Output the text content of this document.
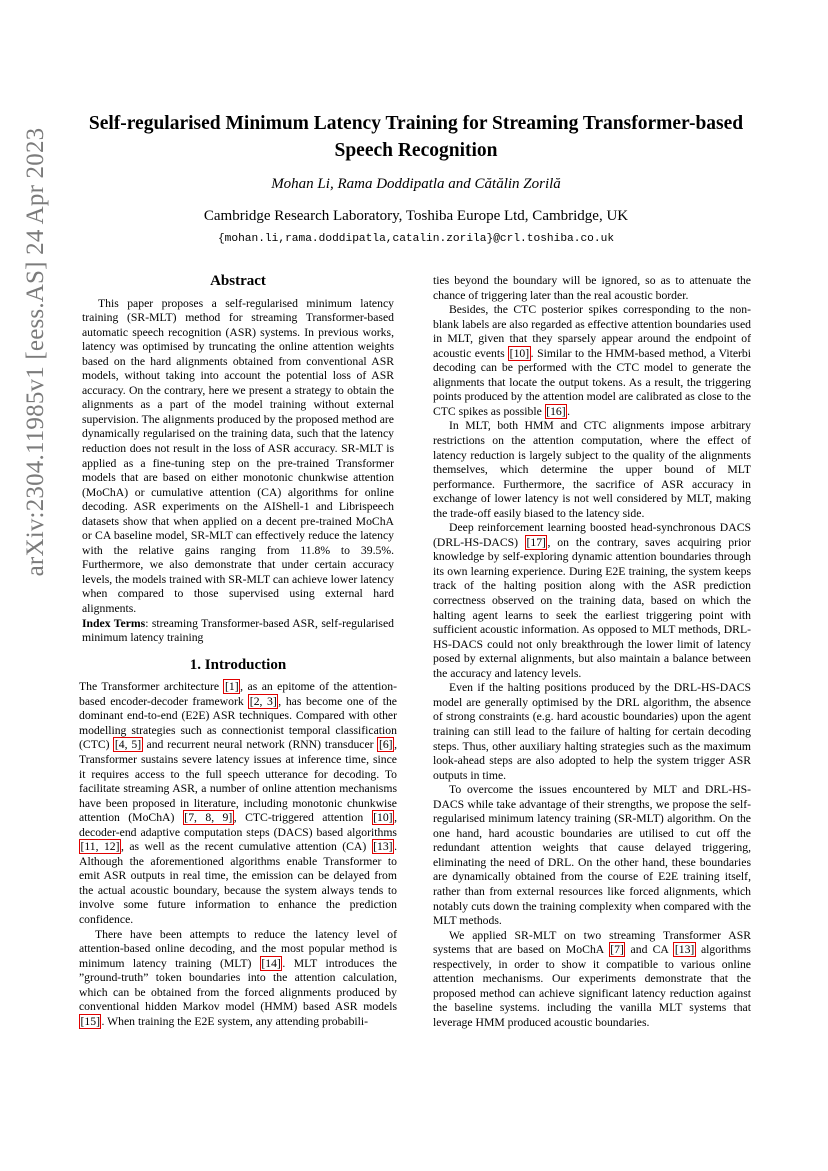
arXiv:2304.11985v1 [eess.AS] 24 Apr 2023
Self-regularised Minimum Latency Training for Streaming Transformer-based Speech Recognition
Mohan Li, Rama Doddipatla and Cătălin Zorilă
Cambridge Research Laboratory, Toshiba Europe Ltd, Cambridge, UK
{mohan.li,rama.doddipatla,catalin.zorila}@crl.toshiba.co.uk
Abstract

This paper proposes a self-regularised minimum latency training (SR-MLT) method for streaming Transformer-based automatic speech recognition (ASR) systems. In previous works, latency was optimised by truncating the online attention weights based on the hard alignments obtained from conventional ASR models, without taking into account the potential loss of ASR accuracy. On the contrary, here we present a strategy to obtain the alignments as a part of the model training without external supervision. The alignments produced by the proposed method are dynamically regularised on the training data, such that the latency reduction does not result in the loss of ASR accuracy. SR-MLT is applied as a fine-tuning step on the pre-trained Transformer models that are based on either monotonic chunkwise attention (MoChA) or cumulative attention (CA) algorithms for online decoding. ASR experiments on the AIShell-1 and Librispeech datasets show that when applied on a decent pre-trained MoChA or CA baseline model, SR-MLT can effectively reduce the latency with the relative gains ranging from 11.8% to 39.5%. Furthermore, we also demonstrate that under certain accuracy levels, the models trained with SR-MLT can achieve lower latency when compared to those supervised using external hard alignments.

Index Terms: streaming Transformer-based ASR, self-regularised minimum latency training

1. Introduction

The Transformer architecture [1] , as an epitome of the attention-based encoder-decoder framework [2, 3] , has become one of the dominant end-to-end (E2E) ASR techniques. Compared with other modelling strategies such as connectionist temporal classification (CTC) [4, 5] and recurrent neural network (RNN) transducer [6] , Transformer sustains severe latency issues at inference time, since it requires access to the full speech utterance for decoding. To facilitate streaming ASR, a number of online attention mechanisms have been proposed in literature, including monotonic chunkwise attention (MoChA) [7, 8, 9] , CTC-triggered attention [10] , decoder-end adaptive computation steps (DACS) based algorithms [11, 12] , as well as the recent cumulative attention (CA) [13] . Although the aforementioned algorithms enable Transformer to emit ASR outputs in real time, the emission can be delayed from the actual acoustic boundary, because the system always tends to involve some future information to enhance the prediction confidence.

There have been attempts to reduce the latency level of attention-based online decoding, and the most popular method is minimum latency training (MLT) [14] . MLT introduces the ”ground-truth” token boundaries into the attention calculation, which can be obtained from the forced alignments produced by conventional hidden Markov model (HMM) based ASR models [15] . When training the E2E system, any attending probabili-

ties beyond the boundary will be ignored, so as to attenuate the chance of triggering later than the real acoustic border.

Besides, the CTC posterior spikes corresponding to the non-blank labels are also regarded as effective attention boundaries used in MLT, given that they sparsely appear around the endpoint of acoustic events [10] . Similar to the HMM-based method, a Viterbi decoding can be performed with the CTC model to generate the alignments that locate the output tokens. As a result, the triggering points produced by the attention model are calibrated as close to the CTC spikes as possible [16] .

In MLT, both HMM and CTC alignments impose arbitrary restrictions on the attention computation, where the effect of latency reduction is largely subject to the quality of the alignments themselves, which determine the upper bound of MLT performance. Furthermore, the sacrifice of ASR accuracy in exchange of lower latency is not well considered by MLT, making the trade-off easily biased to the latency side.

Deep reinforcement learning boosted head-synchronous DACS (DRL-HS-DACS) [17] , on the contrary, saves acquiring prior knowledge by self-exploring dynamic attention boundaries through its own learning experience. During E2E training, the system keeps track of the halting position along with the ASR prediction correctness observed on the training data, based on which the halting agent learns to seek the earliest triggering point with sufficient acoustic information. As opposed to MLT methods, DRL-HS-DACS could not only breakthrough the lower limit of latency posed by external alignments, but also maintain a balance between the accuracy and latency levels.

Even if the halting positions produced by the DRL-HS-DACS model are generally optimised by the DRL algorithm, the absence of strong constraints (e.g. hard acoustic boundaries) upon the agent training can still lead to the failure of halting for certain decoding steps. Thus, other auxiliary halting strategies such as the maximum look-ahead steps are also adopted to help the system trigger ASR outputs in time.

To overcome the issues encountered by MLT and DRL-HS-DACS while take advantage of their strengths, we propose the self-regularised minimum latency training (SR-MLT) algorithm. On the one hand, hard acoustic boundaries are utilised to cut off the redundant attention weights that cause delayed triggering, eliminating the need of DRL. On the other hand, these boundaries are dynamically obtained from the course of E2E training itself, rather than from external resources like forced alignments, which notably cuts down the training complexity when compared with the MLT methods.

We applied SR-MLT on two streaming Transformer ASR systems that are based on MoChA [7] and CA [13] algorithms respectively, in order to show it compatible to various online attention mechanisms. Our experiments demonstrate that the proposed method can achieve significant latency reduction against the baseline systems. including the vanilla MLT systems that leverage HMM produced acoustic boundaries.
